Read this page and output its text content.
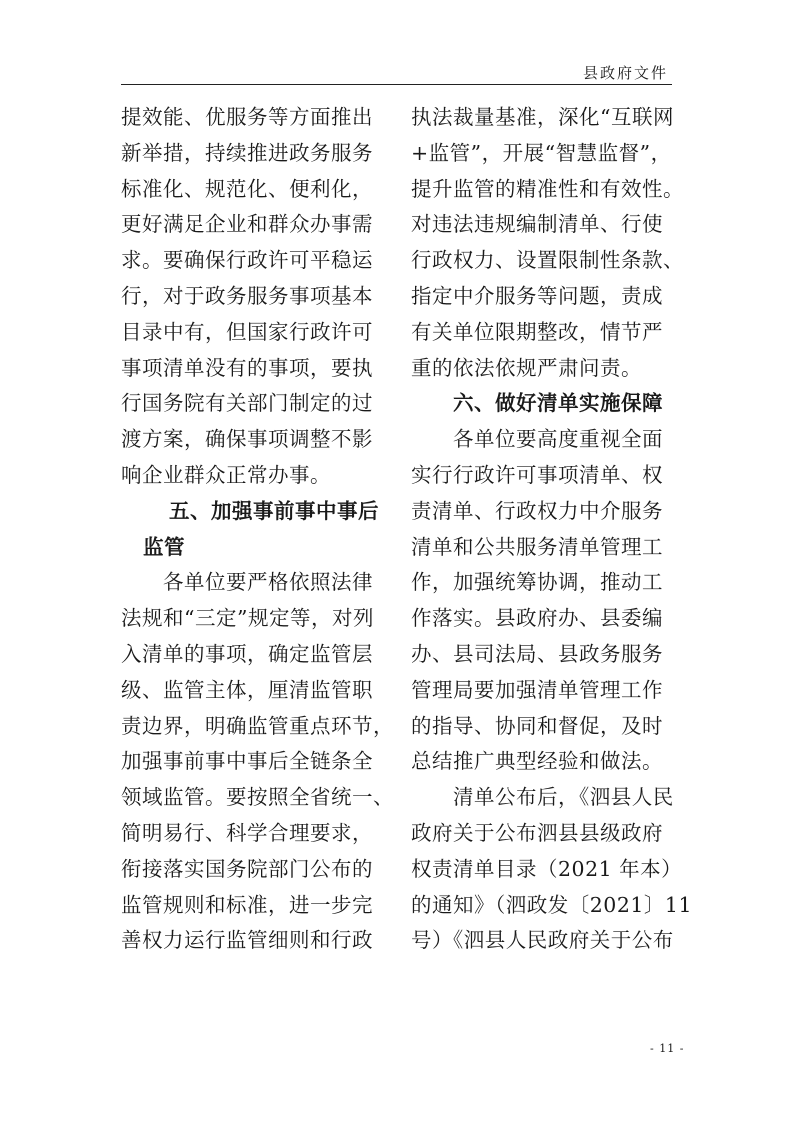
县政府文件
提效能、优服务等方面推出
新举措，持续推进政务服务
标准化、规范化、便利化，
更好满足企业和群众办事需
求。要确保行政许可平稳运
行，对于政务服务事项基本
目录中有，但国家行政许可
事项清单没有的事项，要执
行国务院有关部门制定的过
渡方案，确保事项调整不影
响企业群众正常办事。
五、加强事前事中事后
监管
各单位要严格依照法律
法规和“三定”规定等，对列
入清单的事项，确定监管层
级、监管主体，厘清监管职
责边界，明确监管重点环节，
加强事前事中事后全链条全
领域监管。要按照全省统一、
简明易行、科学合理要求，
衔接落实国务院部门公布的
监管规则和标准，进一步完
善权力运行监管细则和行政
执法裁量基准，深化“互联网
+监管”，开展“智慧监督”，
提升监管的精准性和有效性。
对违法违规编制清单、行使
行政权力、设置限制性条款、
指定中介服务等问题，责成
有关单位限期整改，情节严
重的依法依规严肃问责。
六、做好清单实施保障
各单位要高度重视全面
实行行政许可事项清单、权
责清单、行政权力中介服务
清单和公共服务清单管理工
作，加强统筹协调，推动工
作落实。县政府办、县委编
办、县司法局、县政务服务
管理局要加强清单管理工作
的指导、协同和督促，及时
总结推广典型经验和做法。
清单公布后，《泗县人民
政府关于公布泗县县级政府
权责清单目录（2021 年本）
的通知》（泗政发〔2021〕11
号）《泗县人民政府关于公布
- 11 -
